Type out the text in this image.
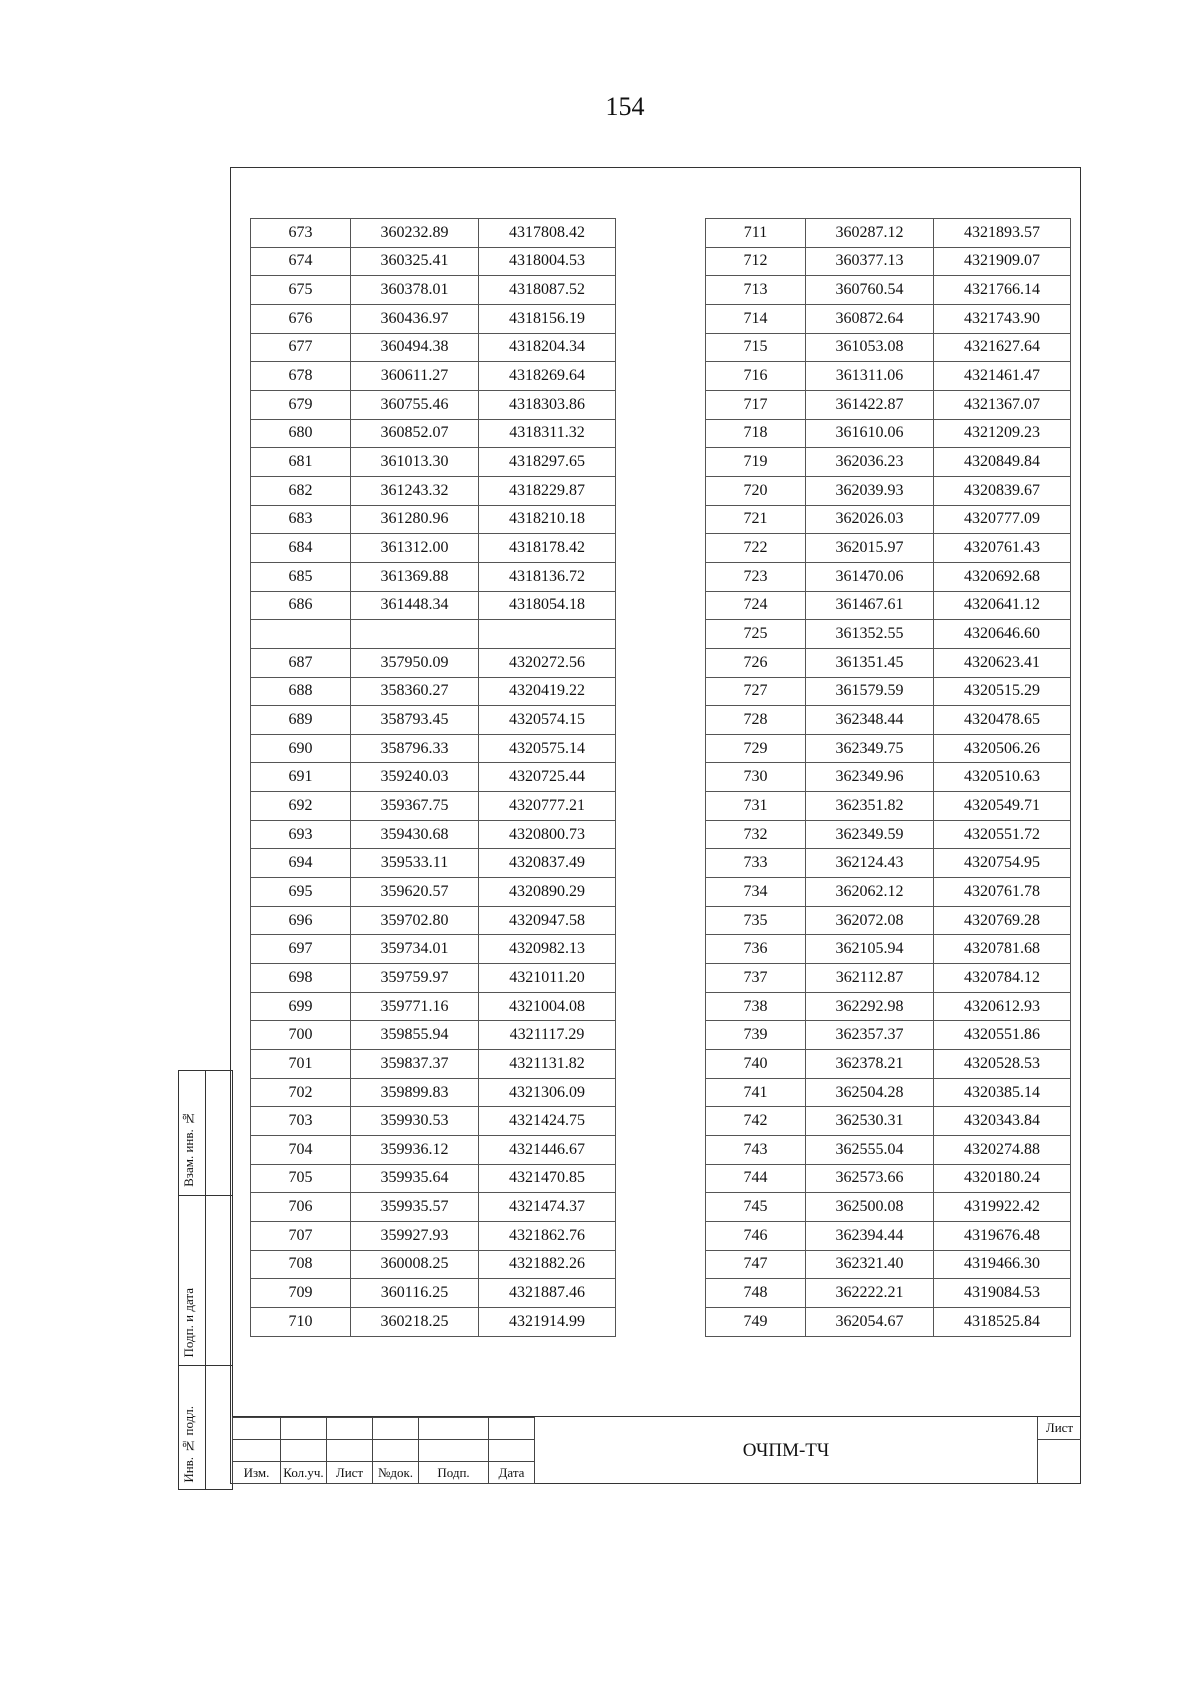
154
673	360232.89	4317808.42
674	360325.41	4318004.53
675	360378.01	4318087.52
676	360436.97	4318156.19
677	360494.38	4318204.34
678	360611.27	4318269.64
679	360755.46	4318303.86
680	360852.07	4318311.32
681	361013.30	4318297.65
682	361243.32	4318229.87
683	361280.96	4318210.18
684	361312.00	4318178.42
685	361369.88	4318136.72
686	361448.34	4318054.18

687	357950.09	4320272.56
688	358360.27	4320419.22
689	358793.45	4320574.15
690	358796.33	4320575.14
691	359240.03	4320725.44
692	359367.75	4320777.21
693	359430.68	4320800.73
694	359533.11	4320837.49
695	359620.57	4320890.29
696	359702.80	4320947.58
697	359734.01	4320982.13
698	359759.97	4321011.20
699	359771.16	4321004.08
700	359855.94	4321117.29
701	359837.37	4321131.82
702	359899.83	4321306.09
703	359930.53	4321424.75
704	359936.12	4321446.67
705	359935.64	4321470.85
706	359935.57	4321474.37
707	359927.93	4321862.76
708	360008.25	4321882.26
709	360116.25	4321887.46
710	360218.25	4321914.99
711	360287.12	4321893.57
712	360377.13	4321909.07
713	360760.54	4321766.14
714	360872.64	4321743.90
715	361053.08	4321627.64
716	361311.06	4321461.47
717	361422.87	4321367.07
718	361610.06	4321209.23
719	362036.23	4320849.84
720	362039.93	4320839.67
721	362026.03	4320777.09
722	362015.97	4320761.43
723	361470.06	4320692.68
724	361467.61	4320641.12
725	361352.55	4320646.60
726	361351.45	4320623.41
727	361579.59	4320515.29
728	362348.44	4320478.65
729	362349.75	4320506.26
730	362349.96	4320510.63
731	362351.82	4320549.71
732	362349.59	4320551.72
733	362124.43	4320754.95
734	362062.12	4320761.78
735	362072.08	4320769.28
736	362105.94	4320781.68
737	362112.87	4320784.12
738	362292.98	4320612.93
739	362357.37	4320551.86
740	362378.21	4320528.53
741	362504.28	4320385.14
742	362530.31	4320343.84
743	362555.04	4320274.88
744	362573.66	4320180.24
745	362500.08	4319922.42
746	362394.44	4319676.48
747	362321.40	4319466.30
748	362222.21	4319084.53
749	362054.67	4318525.84
Взам. инв. №
Подп. и дата
Инв. № подл.

						Изм.	Кол.уч.	Лист	№док.	Подп.	Дата
ОЧПМ-ТЧ
Лист
